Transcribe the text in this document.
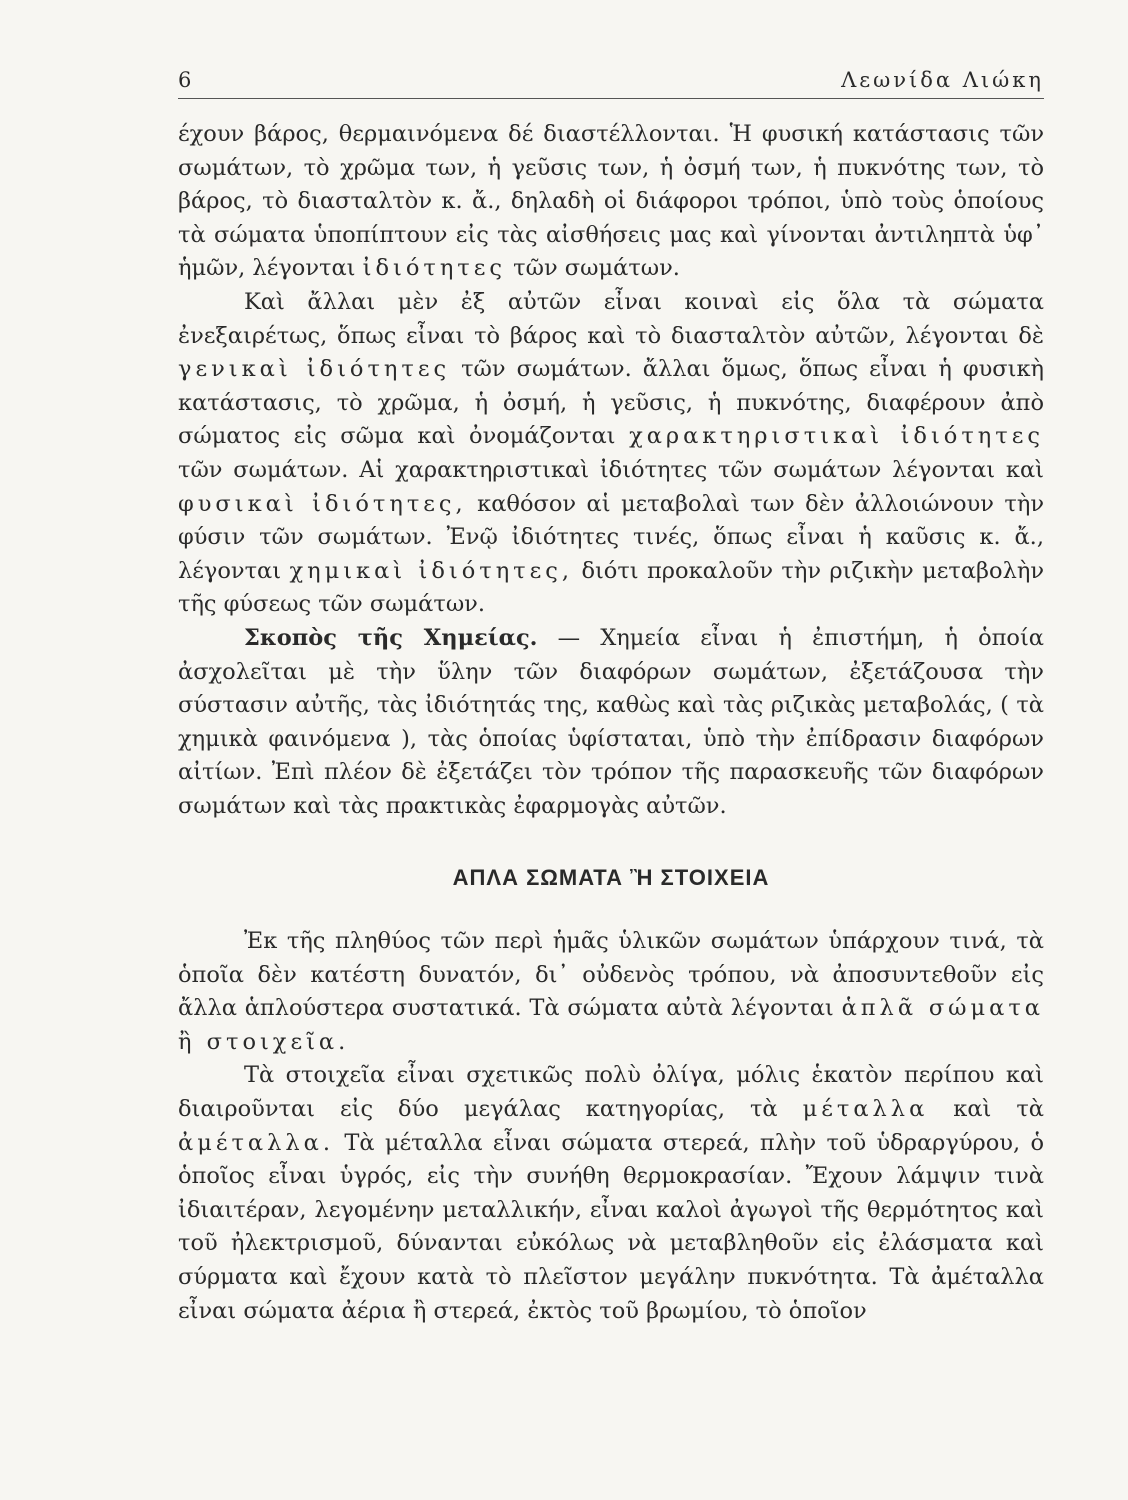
6	Λεωνίδα Λιώκη

έχουν βάρος, θερμαινόμενα δέ διαστέλλονται. Ἡ φυσική κατάστασις τῶν σωμάτων, τὸ χρῶμα των, ἡ γεῦσις των, ἡ ὀσμή των, ἡ πυκνότης των, τὸ βάρος, τὸ διασταλτὸν κ. ἄ., δηλαδὴ οἱ διάφοροι τρόποι, ὑπὸ τοὺς ὁποίους τὰ σώματα ὑποπίπτουν εἰς τὰς αἰσθήσεις μας καὶ γίνονται ἀντιληπτὰ ὑφ᾽ ἡμῶν, λέγονται ἰδιότητες τῶν σωμάτων.

Καὶ ἄλλαι μὲν ἐξ αὐτῶν εἶναι κοιναὶ εἰς ὅλα τὰ σώματα ἐνεξαιρέτως, ὅπως εἶναι τὸ βάρος καὶ τὸ διασταλτὸν αὐτῶν, λέγονται δὲ γενικαὶ ἰδιότητες τῶν σωμάτων. ἄλλαι ὅμως, ὅπως εἶναι ἡ φυσικὴ κατάστασις, τὸ χρῶμα, ἡ ὀσμή, ἡ γεῦσις, ἡ πυκνότης, διαφέρουν ἀπὸ σώματος εἰς σῶμα καὶ ὀνομάζονται χαρακτηριστικαὶ ἰδιότητες τῶν σωμάτων. Αἱ χαρακτηριστικαὶ ἰδιότητες τῶν σωμάτων λέγονται καὶ φυσικαὶ ἰδιότητες, καθόσον αἱ μεταβολαὶ των δὲν ἀλλοιώνουν τὴν φύσιν τῶν σωμάτων. Ἐνῷ ἰδιότητες τινές, ὅπως εἶναι ἡ καῦσις κ. ἄ., λέγονται χημικαὶ ἰδιότητες, διότι προκαλοῦν τὴν ριζικὴν μεταβολὴν τῆς φύσεως τῶν σωμάτων.

Σκοπὸς τῆς Χημείας. — Χημεία εἶναι ἡ ἐπιστήμη, ἡ ὁποία ἀσχολεῖται μὲ τὴν ὕλην τῶν διαφόρων σωμάτων, ἐξετάζουσα τὴν σύστασιν αὐτῆς, τὰς ἰδιότητάς της, καθὼς καὶ τὰς ριζικὰς μεταβολάς, ( τὰ χημικὰ φαινόμενα ), τὰς ὁποίας ὑφίσταται, ὑπὸ τὴν ἐπίδρασιν διαφόρων αἰτίων. Ἐπὶ πλέον δὲ ἐξετάζει τὸν τρόπον τῆς παρασκευῆς τῶν διαφόρων σωμάτων καὶ τὰς πρακτικὰς ἐφαρμογὰς αὐτῶν.

ΑΠΛΑ ΣΩΜΑΤΑ Ἢ ΣΤΟΙΧΕΙΑ

Ἐκ τῆς πληθύος τῶν περὶ ἡμᾶς ὑλικῶν σωμάτων ὑπάρχουν τινά, τὰ ὁποῖα δὲν κατέστη δυνατόν, δι᾽ οὐδενὸς τρόπου, νὰ ἀποσυντεθοῦν εἰς ἄλλα ἁπλούστερα συστατικά. Τὰ σώματα αὐτὰ λέγονται ἁπλᾶ σώματα ἢ στοιχεῖα.

Τὰ στοιχεῖα εἶναι σχετικῶς πολὺ ὀλίγα, μόλις ἑκατὸν περίπου καὶ διαιροῦνται εἰς δύο μεγάλας κατηγορίας, τὰ μέταλλα καὶ τὰ ἀμέταλλα. Τὰ μέταλλα εἶναι σώματα στερεά, πλὴν τοῦ ὑδραργύρου, ὁ ὁποῖος εἶναι ὑγρός, εἰς τὴν συνήθη θερμοκρασίαν. Ἔχουν λάμψιν τινὰ ἰδιαιτέραν, λεγομένην μεταλλικήν, εἶναι καλοὶ ἀγωγοὶ τῆς θερμότητος καὶ τοῦ ἠλεκτρισμοῦ, δύνανται εὐκόλως νὰ μεταβληθοῦν εἰς ἐλάσματα καὶ σύρματα καὶ ἔχουν κατὰ τὸ πλεῖστον μεγάλην πυκνότητα. Τὰ ἀμέταλλα εἶναι σώματα ἀέρια ἢ στερεά, ἐκτὸς τοῦ βρωμίου, τὸ ὁποῖον
